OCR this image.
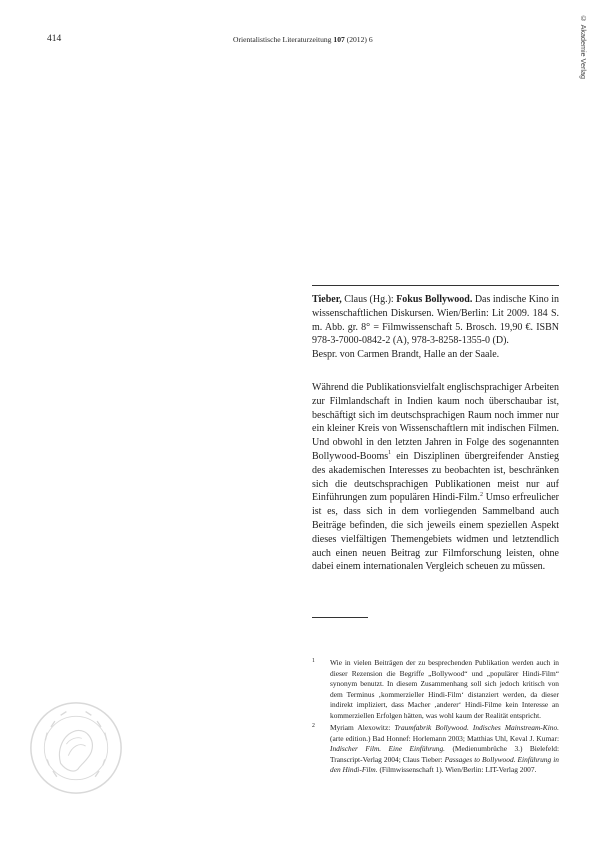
414	Orientalistische Literaturzeitung 107 (2012) 6	© Akademie Verlag
Tieber, Claus (Hg.): Fokus Bollywood. Das indische Kino in wissenschaftlichen Diskursen. Wien/Berlin: Lit 2009. 184 S. m. Abb. gr. 8° = Filmwissenschaft 5. Brosch. 19,90 €. ISBN 978-3-7000-0842-2 (A), 978-3-8258-1355-0 (D).
Bespr. von Carmen Brandt, Halle an der Saale.
Während die Publikationsvielfalt englischsprachiger Arbeiten zur Filmlandschaft in Indien kaum noch überschaubar ist, beschäftigt sich im deutschsprachigen Raum noch immer nur ein kleiner Kreis von Wissenschaftlern mit indischen Filmen. Und obwohl in den letzten Jahren in Folge des sogenannten Bollywood-Booms$^1$ ein Disziplinen übergreifender Anstieg des akademischen Interesses zu beobachten ist, beschränken sich die deutschsprachigen Publikationen meist nur auf Einführungen zum populären Hindi-Film.$^2$ Umso erfreulicher ist es, dass sich in dem vorliegenden Sammelband auch Beiträge befinden, die sich jeweils einem speziellen Aspekt dieses vielfältigen Themengebiets widmen und letztendlich auch einen neuen Beitrag zur Filmforschung leisten, ohne dabei einem internationalen Vergleich scheuen zu müssen.
1 Wie in vielen Beiträgen der zu besprechenden Publikation werden auch in dieser Rezension die Begriffe „Bollywood“ und „populärer Hindi-Film“ synonym benutzt. In diesem Zusammenhang soll sich jedoch kritisch von dem Terminus ‚kommerzieller Hindi-Film‘ distanziert werden, da dieser indirekt impliziert, dass Macher ‚anderer‘ Hindi-Filme kein Interesse an kommerziellen Erfolgen hätten, was wohl kaum der Realität entspricht.
2 Myriam Alexowitz: Traumfabrik Bollywood. Indisches Mainstream-Kino. (arte edition.) Bad Honnef: Horlemann 2003; Matthias Uhl, Keval J. Kumar: Indischer Film. Eine Einführung. (Medienumbrüche 3.) Bielefeld: Transcript-Verlag 2004; Claus Tieber: Passages to Bollywood. Einführung in den Hindi-Film. (Filmwissenschaft 1). Wien/Berlin: LIT-Verlag 2007.
